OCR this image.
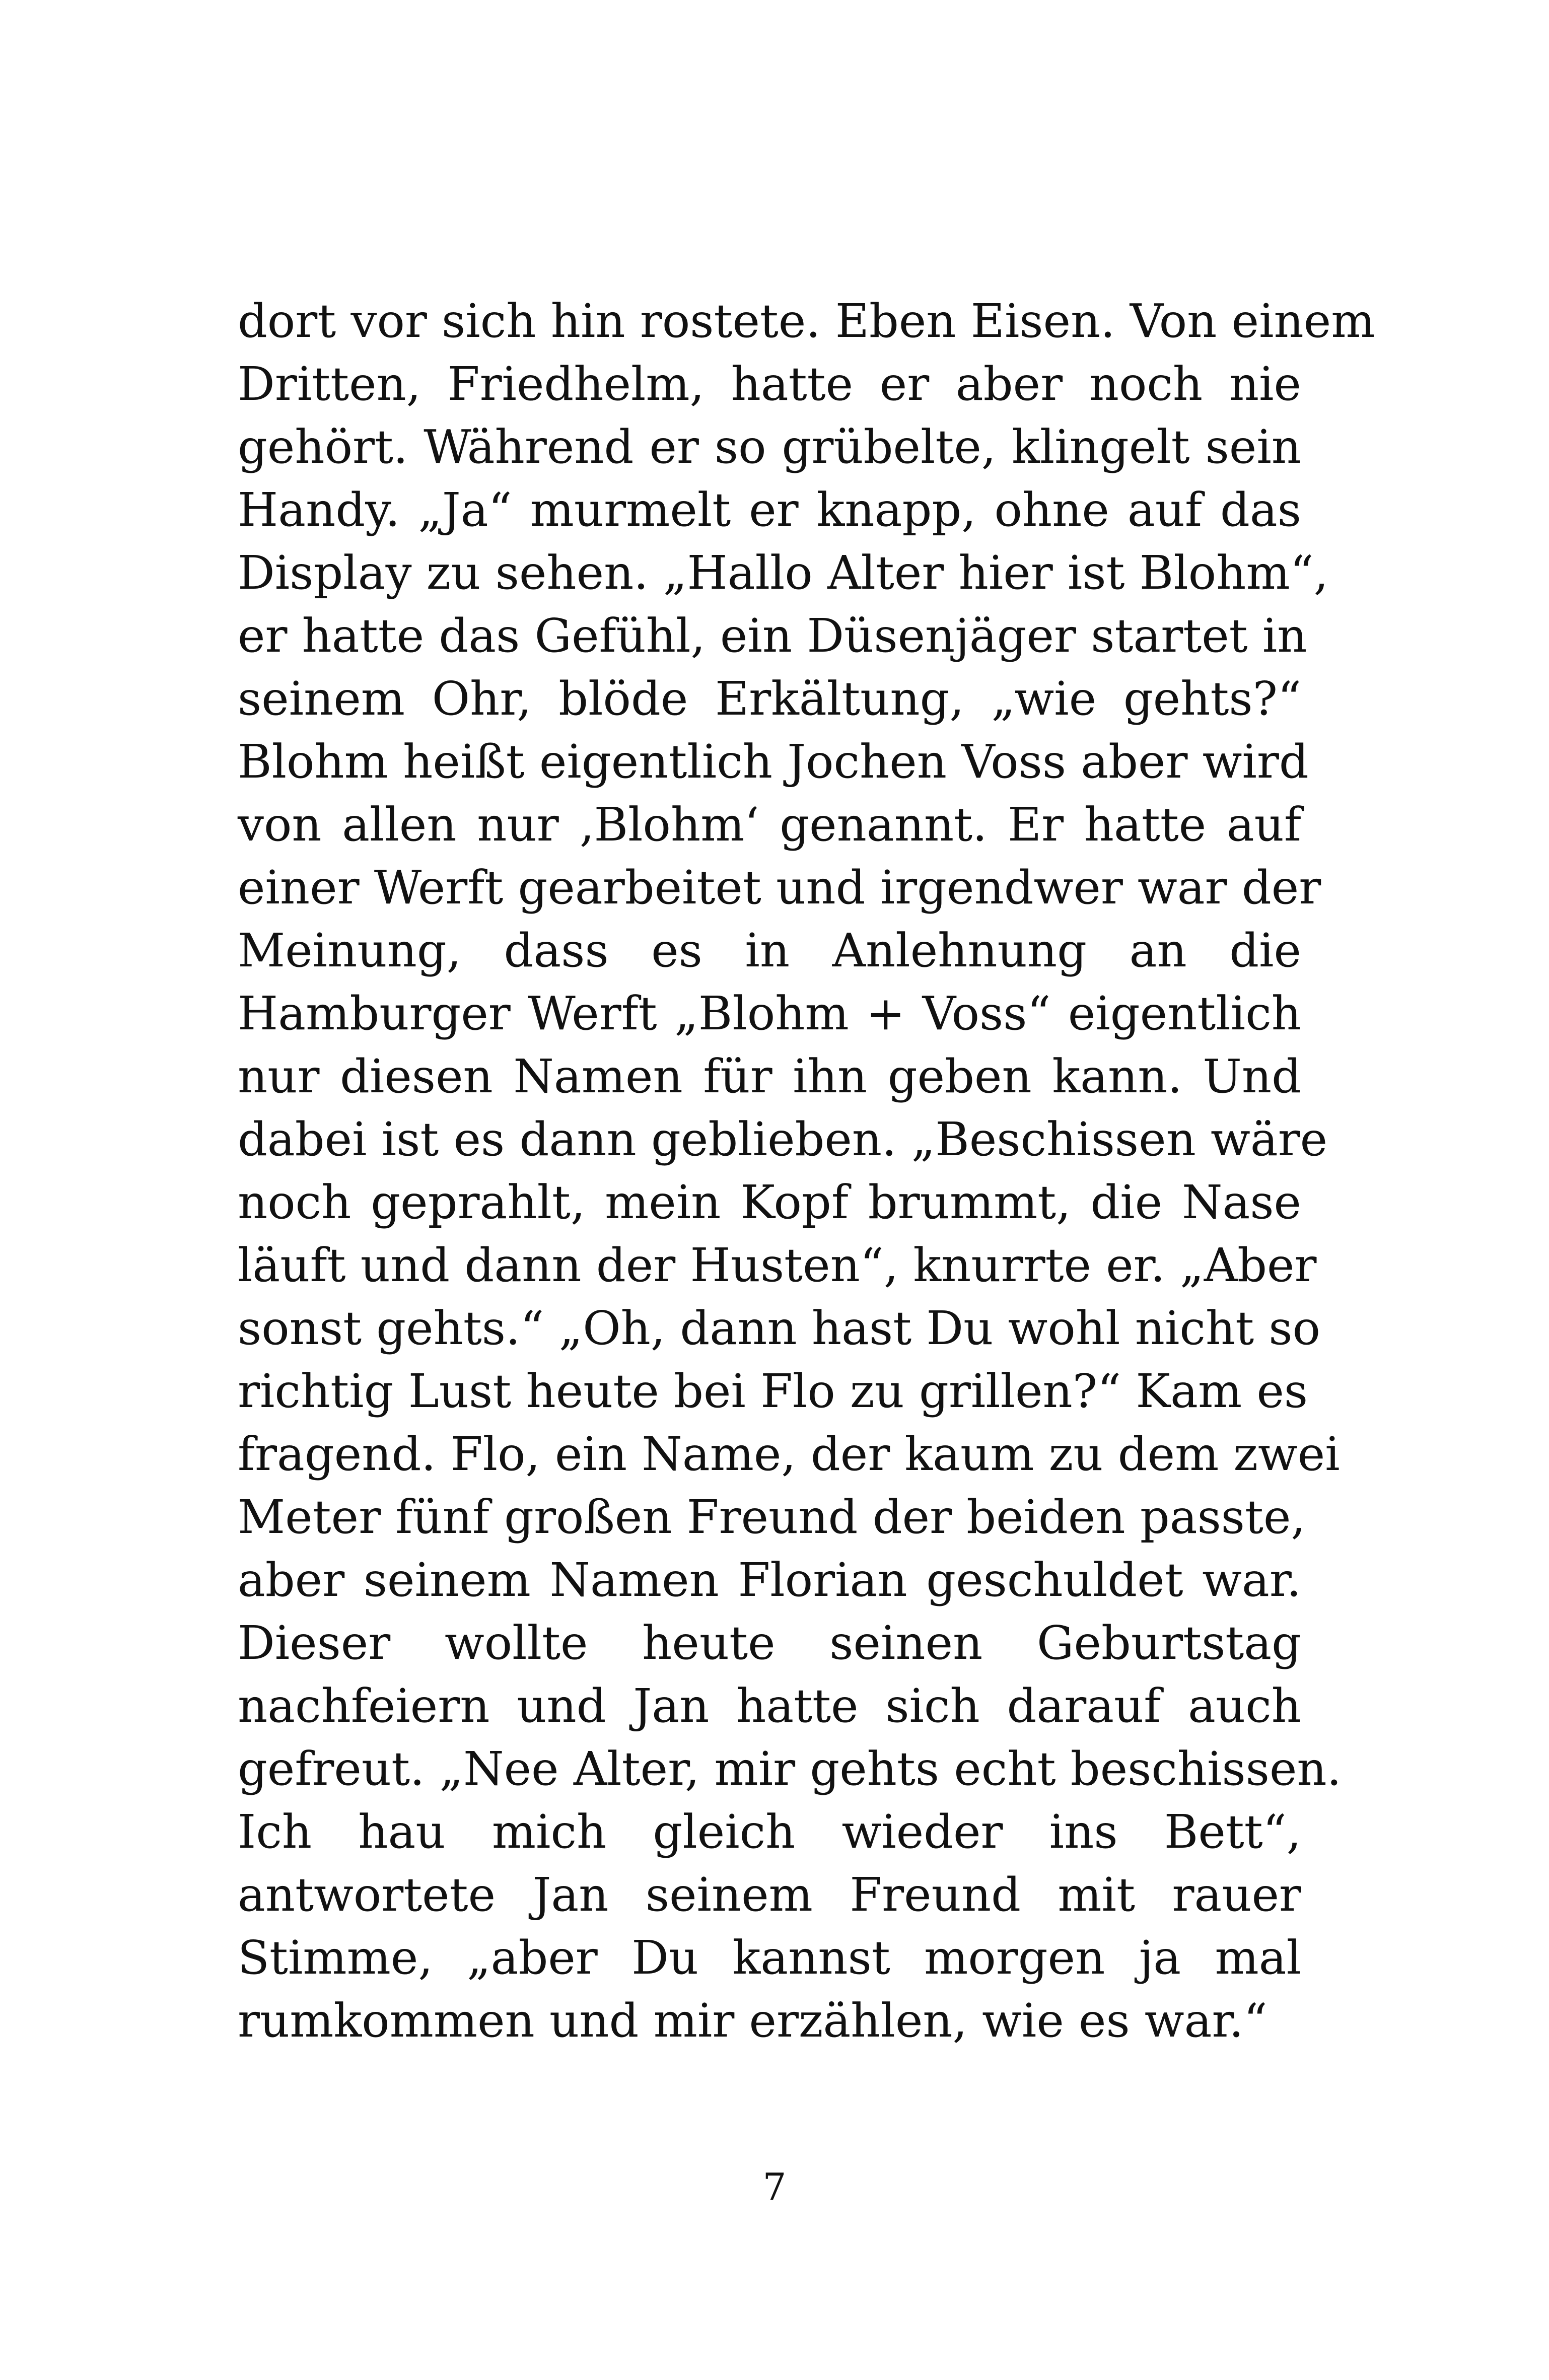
dort vor sich hin rostete. Eben Eisen. Von einem
Dritten, Friedhelm, hatte er aber noch nie
gehört. Während er so grübelte, klingelt sein
Handy. „Ja“ murmelt er knapp, ohne auf das
Display zu sehen. „Hallo Alter hier ist Blohm“,
er hatte das Gefühl, ein Düsenjäger startet in
seinem Ohr, blöde Erkältung, „wie gehts?“
Blohm heißt eigentlich Jochen Voss aber wird
von allen nur ‚Blohm‘ genannt. Er hatte auf
einer Werft gearbeitet und irgendwer war der
Meinung, dass es in Anlehnung an die
Hamburger Werft „Blohm + Voss“ eigentlich
nur diesen Namen für ihn geben kann. Und
dabei ist es dann geblieben. „Beschissen wäre
noch geprahlt, mein Kopf brummt, die Nase
läuft und dann der Husten“, knurrte er. „Aber
sonst gehts.“ „Oh, dann hast Du wohl nicht so
richtig Lust heute bei Flo zu grillen?“ Kam es
fragend. Flo, ein Name, der kaum zu dem zwei
Meter fünf großen Freund der beiden passte,
aber seinem Namen Florian geschuldet war.
Dieser wollte heute seinen Geburtstag
nachfeiern und Jan hatte sich darauf auch
gefreut. „Nee Alter, mir gehts echt beschissen.
Ich hau mich gleich wieder ins Bett“,
antwortete Jan seinem Freund mit rauer
Stimme, „aber Du kannst morgen ja mal
rumkommen und mir erzählen, wie es war.“
7
